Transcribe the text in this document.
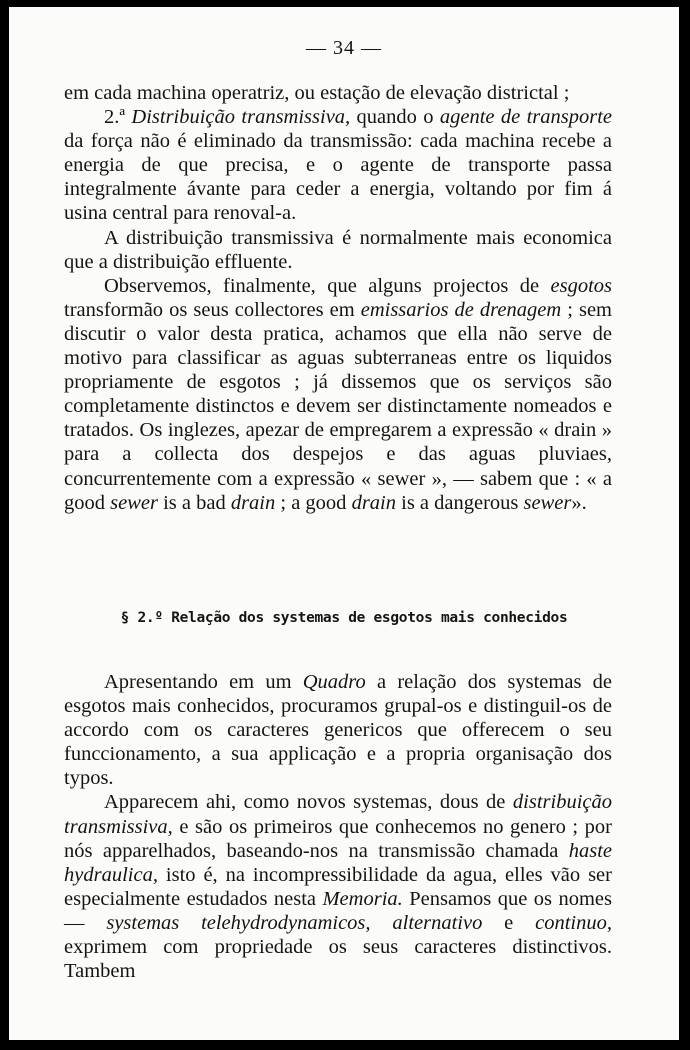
— 34 —

em cada machina operatriz, ou estação de elevação districtal ;

2.ª Distribuição transmissiva, quando o agente de transporte da força não é eliminado da transmissão: cada machina recebe a energia de que precisa, e o agente de transporte passa integralmente ávante para ceder a energia, voltando por fim á usina central para renoval-a.

A distribuição transmissiva é normalmente mais economica que a distribuição effluente.

Observemos, finalmente, que alguns projectos de esgotos transformão os seus collectores em emissarios de drenagem ; sem discutir o valor desta pratica, achamos que ella não serve de motivo para classificar as aguas subterraneas entre os liquidos propriamente de esgotos ; já dissemos que os serviços são completamente distinctos e devem ser distinctamente nomeados e tratados. Os inglezes, apezar de empregarem a expressão « drain » para a collecta dos despejos e das aguas pluviaes, concurrentemente com a expressão « sewer », — sabem que : « a good sewer is a bad drain ; a good drain is a dangerous sewer».

§ 2.º Relação dos systemas de esgotos mais conhecidos

Apresentando em um Quadro a relação dos systemas de esgotos mais conhecidos, procuramos grupal-os e distinguil-os de accordo com os caracteres genericos que offerecem o seu funccionamento, a sua applicação e a propria organisação dos typos.

Apparecem ahi, como novos systemas, dous de distribuição transmissiva, e são os primeiros que conhecemos no genero ; por nós apparelhados, baseando-nos na transmissão chamada haste hydraulica, isto é, na incompressibilidade da agua, elles vão ser especialmente estudados nesta Memoria. Pensamos que os nomes — systemas telehydrodynamicos, alternativo e continuo, exprimem com propriedade os seus caracteres distinctivos. Tambem
